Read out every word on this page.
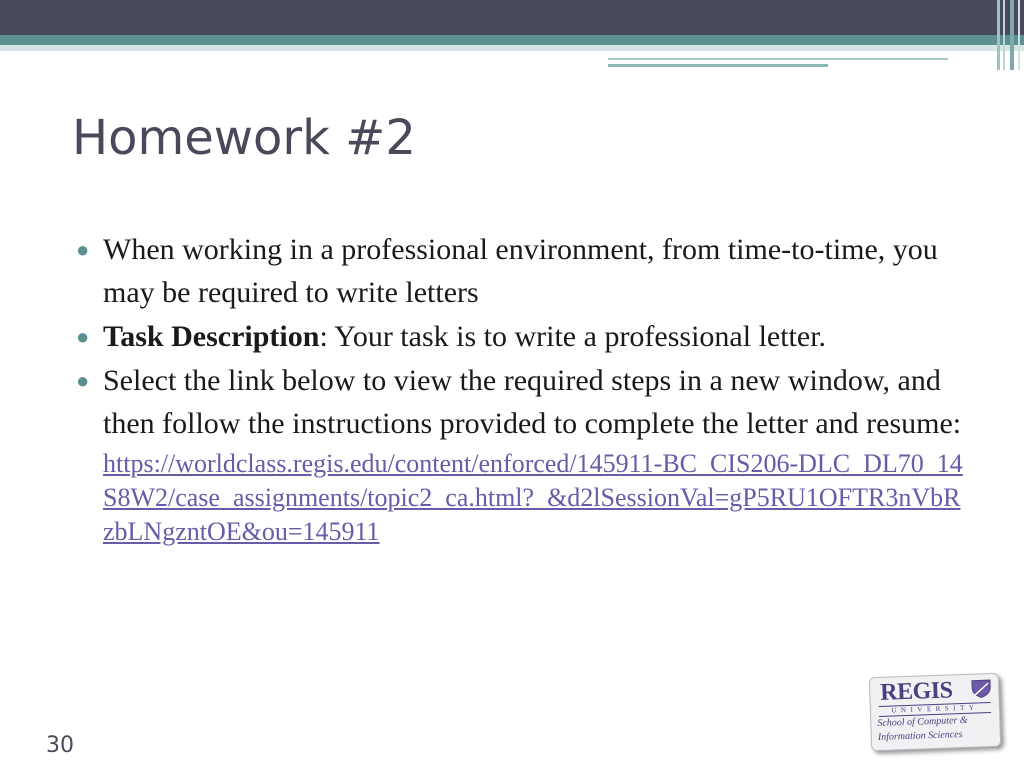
Homework #2
● When working in a professional environment, from time-to-time, you may be required to write letters
● Task Description: Your task is to write a professional letter.
● Select the link below to view the required steps in a new window, and then follow the instructions provided to complete the letter and resume:
https://worldclass.regis.edu/content/enforced/145911-BC_CIS206-DLC_DL70_14S8W2/case_assignments/topic2_ca.html?_&d2lSessionVal=gP5RU1OFTR3nVbRzbLNgzntOE&ou=145911
30
REGIS
UNIVERSITY
School of Computer &
Information Sciences
